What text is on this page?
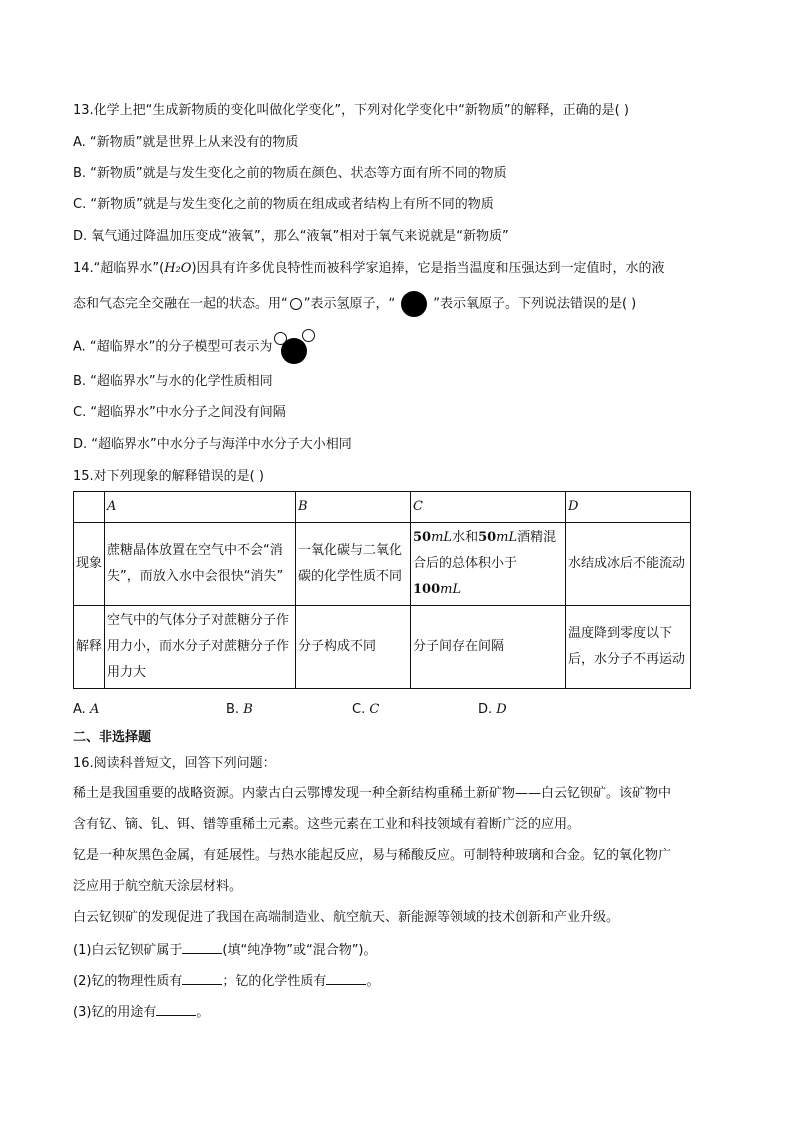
13.化学上把“生成新物质的变化叫做化学变化”，下列对化学变化中“新物质”的解释，正确的是( )
A. “新物质”就是世界上从来没有的物质
B. “新物质”就是与发生变化之前的物质在颜色、状态等方面有所不同的物质
C. “新物质”就是与发生变化之前的物质在组成或者结构上有所不同的物质
D. 氧气通过降温加压变成“液氧”，那么“液氧”相对于氧气来说就是“新物质”
14.“超临界水”(H₂O)因具有许多优良特性而被科学家追捧，它是指当温度和压强达到一定值时，水的液
态和气态完全交融在一起的状态。用“ ”表示氢原子，“	”表示氧原子。下列说法错误的是( )
A. “超临界水”的分子模型可表示为
B. “超临界水”与水的化学性质相同
C. “超临界水”中水分子之间没有间隔
D. “超临界水”中水分子与海洋中水分子大小相同
15.对下列现象的解释错误的是( )
	A	B	C	D
现象	蔗糖晶体放置在空气中不会“消失”，而放入水中会很快“消失”	一氧化碳与二氧化碳的化学性质不同	50mL水和50mL酒精混合后的总体积小于100mL	水结成冰后不能流动
解释	空气中的气体分子对蔗糖分子作用力小，而水分子对蔗糖分子作用力大	分子构成不同	分子间存在间隔	温度降到零度以下后，水分子不再运动
A. A	B. B	C. C	D. D
二、非选择题
16.阅读科普短文，回答下列问题：
稀土是我国重要的战略资源。内蒙古白云鄂博发现一种全新结构重稀土新矿物——白云钇钡矿。该矿物中
含有钇、镝、钆、铒、镨等重稀土元素。这些元素在工业和科技领域有着断广泛的应用。
钇是一种灰黑色金属，有延展性。与热水能起反应，易与稀酸反应。可制特种玻璃和合金。钇的氧化物广
泛应用于航空航天涂层材料。
白云钇钡矿的发现促进了我国在高端制造业、航空航天、新能源等领域的技术创新和产业升级。
(1)白云钇钡矿属于	(填“纯净物”或“混合物”)。
(2)钇的物理性质有	；钇的化学性质有	。
(3)钇的用途有	。
